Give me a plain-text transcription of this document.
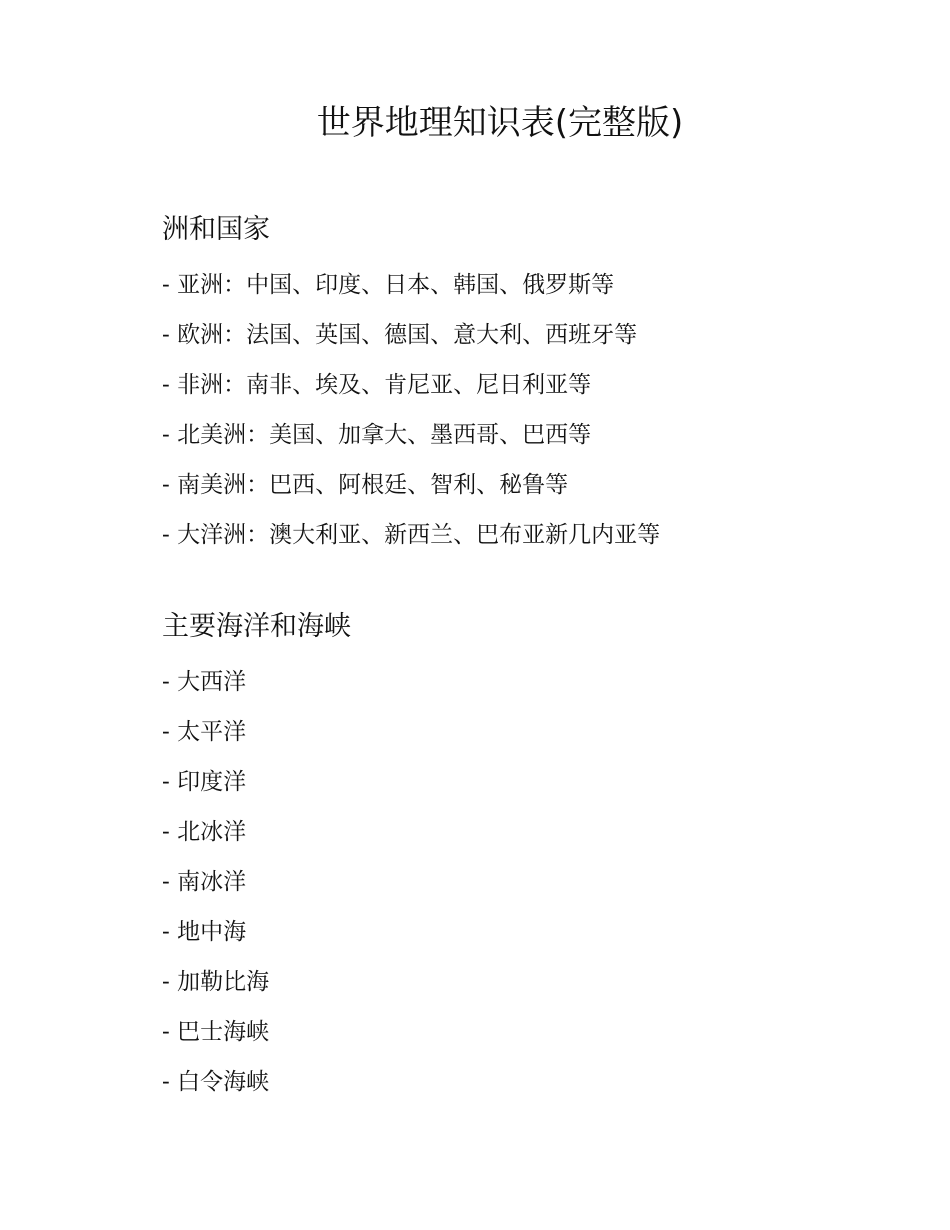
世界地理知识表(完整版)
洲和国家
- 亚洲：中国、印度、日本、韩国、俄罗斯等
- 欧洲：法国、英国、德国、意大利、西班牙等
- 非洲：南非、埃及、肯尼亚、尼日利亚等
- 北美洲：美国、加拿大、墨西哥、巴西等
- 南美洲：巴西、阿根廷、智利、秘鲁等
- 大洋洲：澳大利亚、新西兰、巴布亚新几内亚等
主要海洋和海峡
- 大西洋
- 太平洋
- 印度洋
- 北冰洋
- 南冰洋
- 地中海
- 加勒比海
- 巴士海峡
- 白令海峡
